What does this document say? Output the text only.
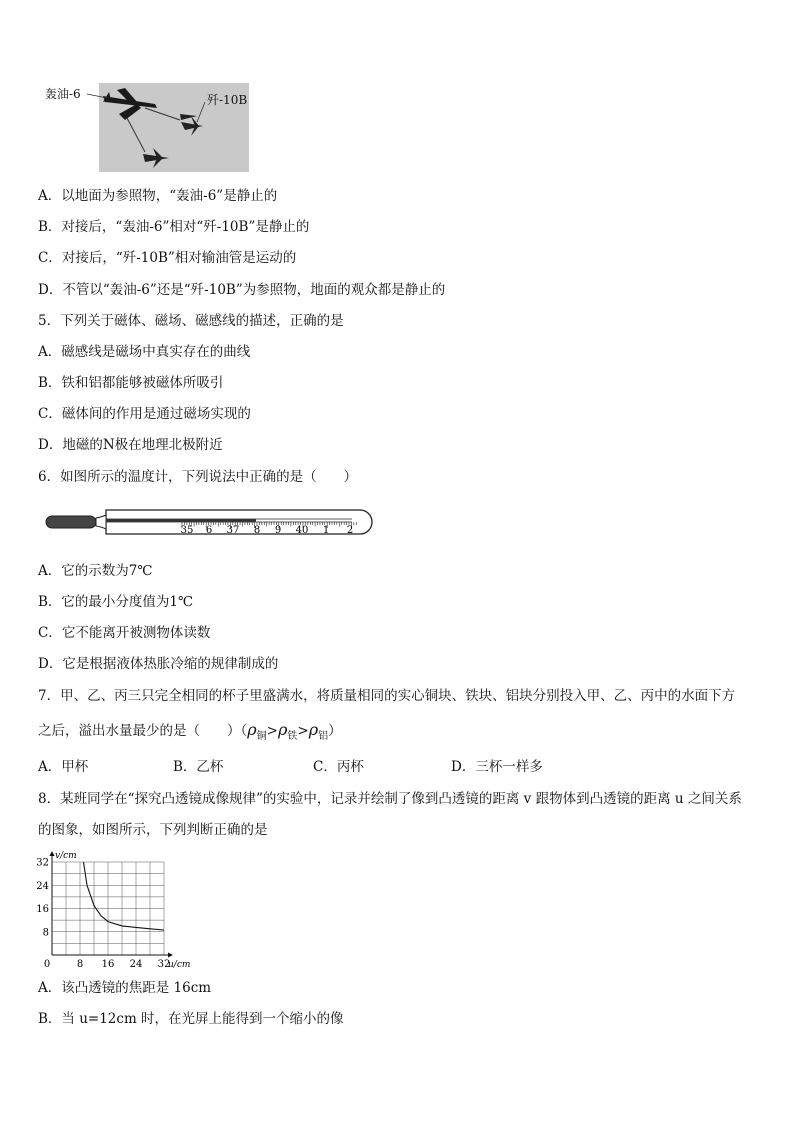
轰油-6	歼-10B
A．以地面为参照物，“轰油-6”是静止的
B．对接后，“轰油-6”相对“歼-10B”是静止的
C．对接后，“歼-10B”相对输油管是运动的
D．不管以“轰油-6”还是“歼-10B”为参照物，地面的观众都是静止的
5．下列关于磁体、磁场、磁感线的描述，正确的是
A．磁感线是磁场中真实存在的曲线
B．铁和铝都能够被磁体所吸引
C．磁体间的作用是通过磁场实现的
D．地磁的N极在地理北极附近
6．如图所示的温度计，下列说法中正确的是（　　）
35 6 37 8 9 40 1 2
A．它的示数为7℃
B．它的最小分度值为1℃
C．它不能离开被测物体读数
D．它是根据液体热胀冷缩的规律制成的
7．甲、乙、丙三只完全相同的杯子里盛满水，将质量相同的实心铜块、铁块、铝块分别投入甲、乙、丙中的水面下方
之后，溢出水量最少的是（　　）$(\rho_铜>\rho_铁>\rho_铝)$
A．甲杯	B．乙杯	C．丙杯	D．三杯一样多
8．某班同学在“探究凸透镜成像规律”的实验中，记录并绘制了像到凸透镜的距离 v 跟物体到凸透镜的距离 u 之间关系
的图象，如图所示，下列判断正确的是
8
16
24
32
0	8 16 24 32
v/cm
u/cm
A．该凸透镜的焦距是 16cm
B．当 u=12cm 时，在光屏上能得到一个缩小的像
